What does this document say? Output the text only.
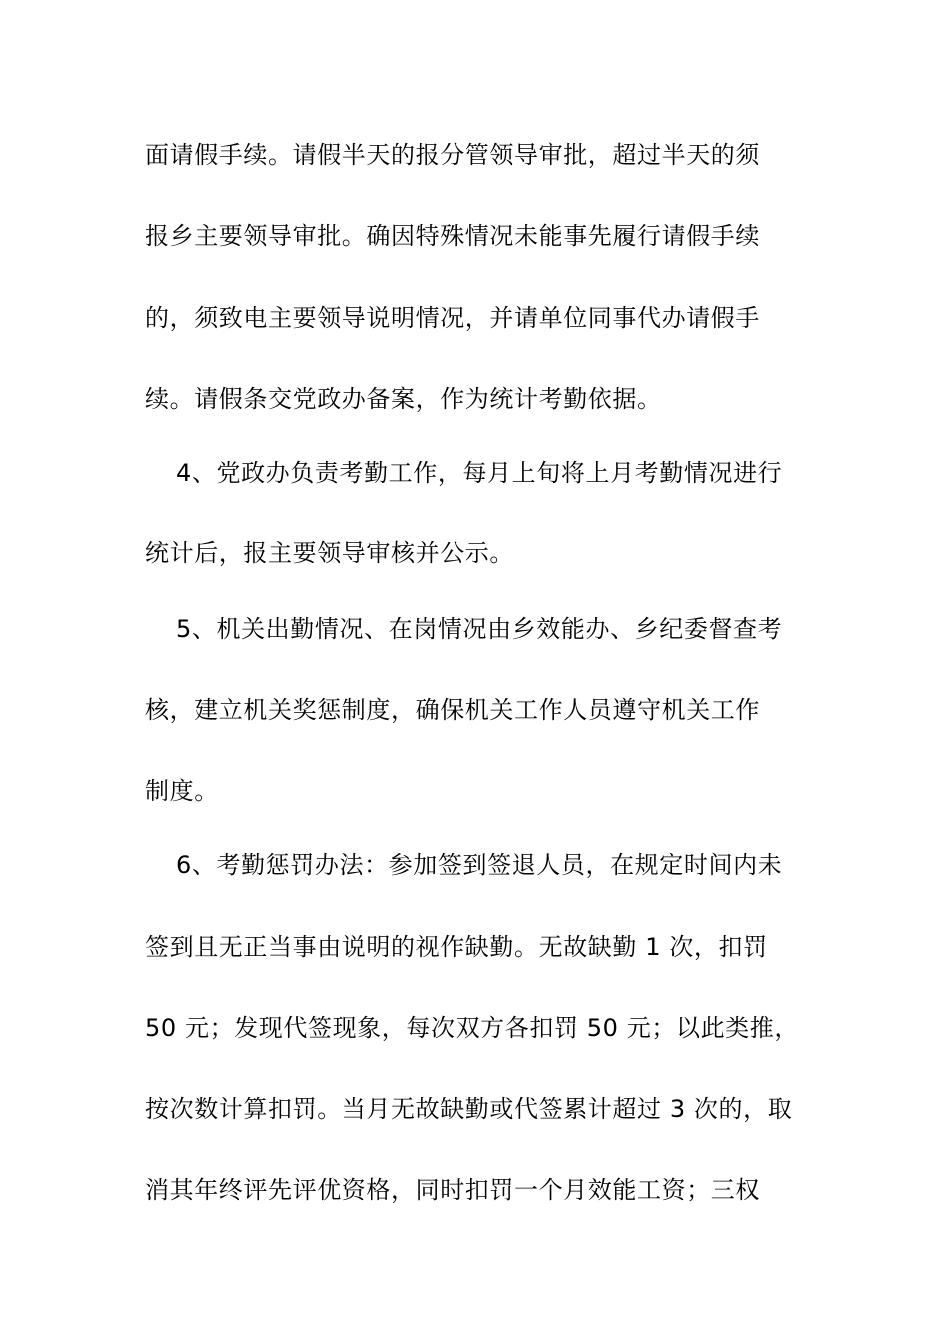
面请假手续。请假半天的报分管领导审批，超过半天的须
报乡主要领导审批。确因特殊情况未能事先履行请假手续
的，须致电主要领导说明情况，并请单位同事代办请假手
续。请假条交党政办备案，作为统计考勤依据。
4、党政办负责考勤工作，每月上旬将上月考勤情况进行
统计后，报主要领导审核并公示。
5、机关出勤情况、在岗情况由乡效能办、乡纪委督查考
核，建立机关奖惩制度，确保机关工作人员遵守机关工作
制度。
6、考勤惩罚办法：参加签到签退人员，在规定时间内未
签到且无正当事由说明的视作缺勤。无故缺勤 1 次，扣罚
50 元；发现代签现象，每次双方各扣罚 50 元；以此类推，
按次数计算扣罚。当月无故缺勤或代签累计超过 3 次的，取
消其年终评先评优资格，同时扣罚一个月效能工资；三权
